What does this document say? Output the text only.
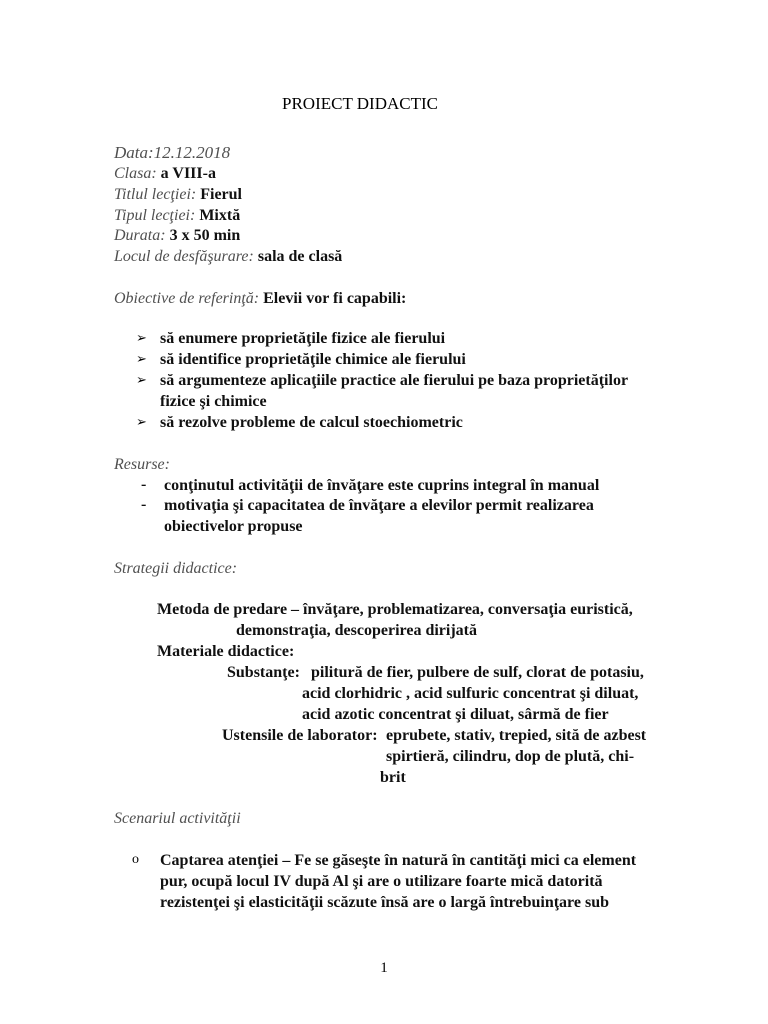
PROIECT DIDACTIC
Data:12.12.2018
Clasa: a VIII-a
Titlul lecţiei: Fierul
Tipul lecţiei: Mixtă
Durata: 3 x 50 min
Locul de desfăşurare: sala de clasă
Obiective de referinţă: Elevii vor fi capabili:
➢ să enumere proprietăţile fizice ale fierului
➢ să identifice proprietăţile chimice ale fierului
➢ să argumenteze aplicaţiile practice ale fierului pe baza proprietăţilor
fizice şi chimice
➢ să rezolve probleme de calcul stoechiometric
Resurse:
- conţinutul activităţii de învăţare este cuprins integral în manual
- motivaţia şi capacitatea de învăţare a elevilor permit realizarea
obiectivelor propuse
Strategii didactice:
Metoda de predare – învăţare, problematizarea, conversaţia euristică,
demonstraţia, descoperirea dirijată
Materiale didactice:
Substanţe: pilitură de fier, pulbere de sulf, clorat de potasiu,
acid clorhidric , acid sulfuric concentrat şi diluat,
acid azotic concentrat şi diluat, sârmă de fier
Ustensile de laborator: eprubete, stativ, trepied, sită de azbest
spirtieră, cilindru, dop de plută, chi-
brit
Scenariul activităţii
o Captarea atenţiei – Fe se găseşte în natură în cantităţi mici ca element
pur, ocupă locul IV după Al şi are o utilizare foarte mică datorită
rezistenţei şi elasticităţii scăzute însă are o largă întrebuinţare sub
1
